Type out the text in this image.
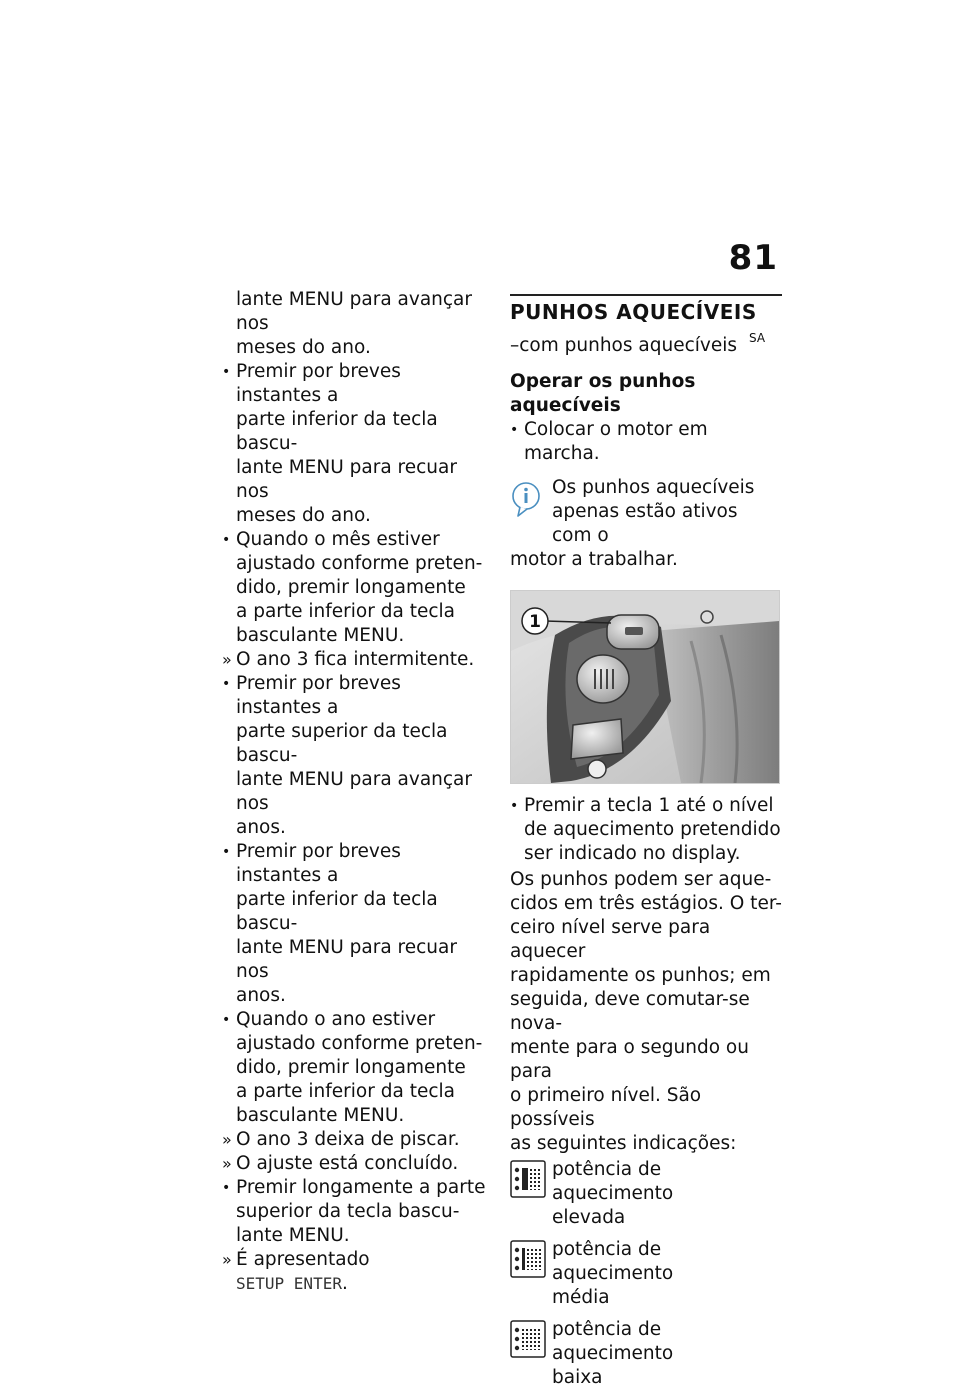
81
lante MENU para avançar nos
meses do ano.
• Premir por breves instantes a
parte inferior da tecla bascu-
lante MENU para recuar nos
meses do ano.
• Quando o mês estiver
ajustado conforme preten-
dido, premir longamente
a parte inferior da tecla
basculante MENU.
» O ano 3 fica intermitente.
• Premir por breves instantes a
parte superior da tecla bascu-
lante MENU para avançar nos
anos.
• Premir por breves instantes a
parte inferior da tecla bascu-
lante MENU para recuar nos
anos.
• Quando o ano estiver
ajustado conforme preten-
dido, premir longamente
a parte inferior da tecla
basculante MENU.
» O ano 3 deixa de piscar.
» O ajuste está concluído.
• Premir longamente a parte
superior da tecla bascu-
lante MENU.
» É apresentado
SETUP ENTER.
PUNHOS AQUECÍVEIS
–com punhos aquecíveis $^{SA}$
Operar os punhos aquecíveis
• Colocar o motor em marcha.
Os punhos aquecíveis
apenas estão ativos com o
motor a trabalhar.
1
• Premir a tecla 1 até o nível
de aquecimento pretendido
ser indicado no display.
Os punhos podem ser aque-
cidos em três estágios. O ter-
ceiro nível serve para aquecer
rapidamente os punhos; em
seguida, deve comutar-se nova-
mente para o segundo ou para
o primeiro nível. São possíveis
as seguintes indicações:
potência de aquecimento
elevada
potência de aquecimento
média
potência de aquecimento
baixa
